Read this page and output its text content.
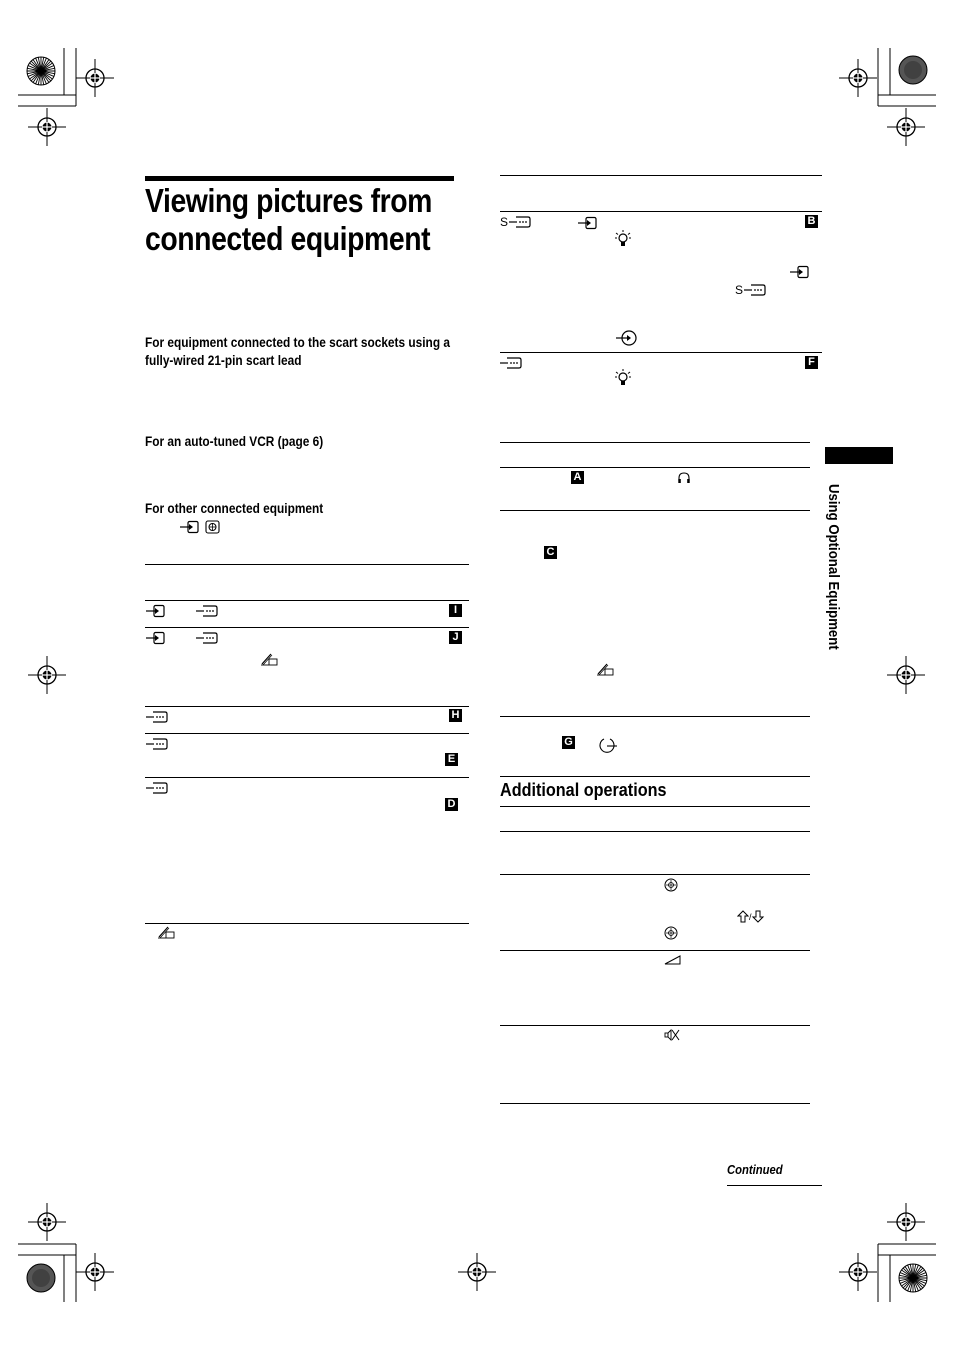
Viewing pictures from
connected equipment
For equipment connected to the scart sockets using a
fully-wired 21-pin scart lead
For an auto-tuned VCR (page 6)
For other connected equipment
I
J
H
E
D
S	B
S
F
A
C
G
Additional operations
/
Using Optional Equipment
Continued
